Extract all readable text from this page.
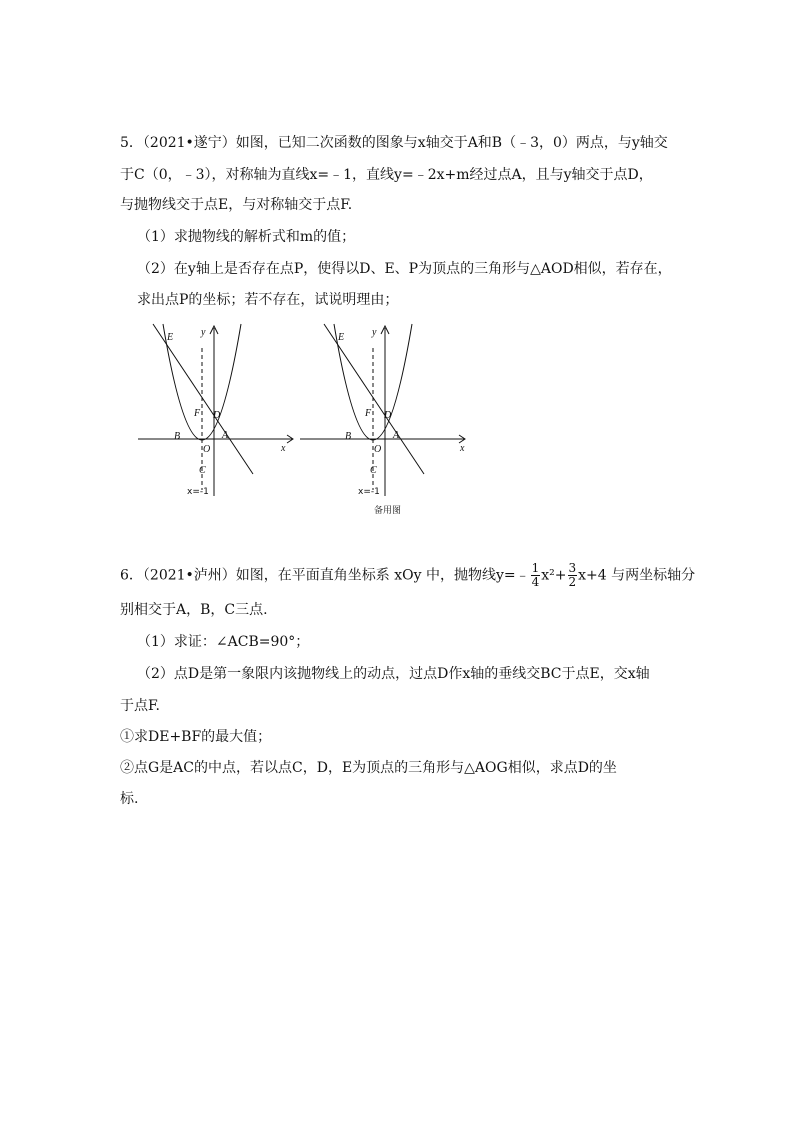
5．（2021•遂宁）如图，已知二次函数的图象与x轴交于A和B（﹣3，0）两点，与y轴交
于C（0，﹣3），对称轴为直线x=﹣1，直线y=﹣2x+m经过点A，且与y轴交于点D，
与抛物线交于点E，与对称轴交于点F.
（1）求抛物线的解析式和m的值；
（2）在y轴上是否存在点P，使得以D、E、P为顶点的三角形与△AOD相似，若存在，
求出点P的坐标；若不存在，试说明理由；
E	y
F D
B	A
O
C
x
x=-1
E	y
F D
B	A
O
C
x
x=-1
备用图
6．（2021•泸州）如图，在平面直角坐标系 xOy 中，抛物线y=﹣ $\frac{1}{4} x^2+ \frac{3}{2} x+4$ 与两坐标轴分
别相交于A，B，C三点.
（1）求证：∠ACB=90°；
（2）点D是第一象限内该抛物线上的动点，过点D作x轴的垂线交BC于点E，交x轴
于点F.
①求DE+BF的最大值；
②点G是AC的中点，若以点C，D，E为顶点的三角形与△AOG相似，求点D的坐
标.
